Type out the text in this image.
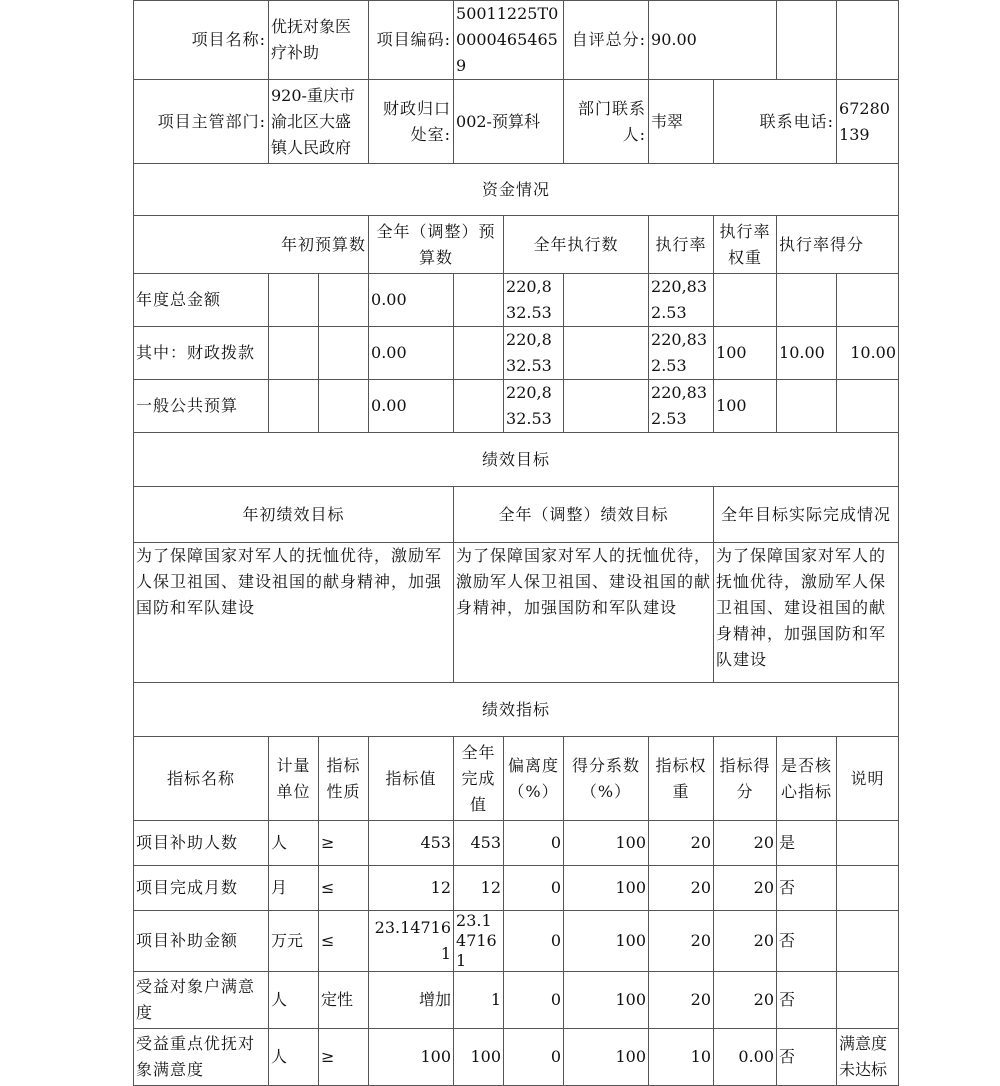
项目名称:	优抚对象医疗补助		项目编码:	50011225T000004654659		自评总分:	90.00			
项目主管部门:	920-重庆市渝北区大盛镇人民政府		财政归口处室:	002-预算科		部门联系人:	韦翠	联系电话:		67280139
资金情况										
年初预算数			全年（调整）预算数		全年执行数		执行率	执行率权重	执行率得分	
年度总金额			0.00		220,832.53		220,832.53			
其中：财政拨款			0.00		220,832.53		220,832.53	100	10.00	10.00
一般公共预算			0.00		220,832.53		220,832.53	100		
绩效目标										
年初绩效目标				全年（调整）绩效目标				全年目标实际完成情况		
为了保障国家对军人的抚恤优待，激励军人保卫祖国、建设祖国的献身精神，加强国防和军队建设				为了保障国家对军人的抚恤优待，激励军人保卫祖国、建设祖国的献身精神，加强国防和军队建设				为了保障国家对军人的抚恤优待，激励军人保卫祖国、建设祖国的献身精神，加强国防和军队建设		
绩效指标										
指标名称	计量单位	指标性质	指标值	全年完成值	偏离度（%）	得分系数（%）	指标权重	指标得分	是否核心指标	说明
项目补助人数	人	≥	453	453	0	100	20	20	是	
项目完成月数	月	≤	12	12	0	100	20	20	否	
项目补助金额	万元	≤	23.147161	23.147161	0	100	20	20	否	
受益对象户满意度	人	定性	增加	1	0	100	20	20	否	
受益重点优抚对象满意度	人	≥	100	100	0	100	10	0.00	否	满意度未达标
